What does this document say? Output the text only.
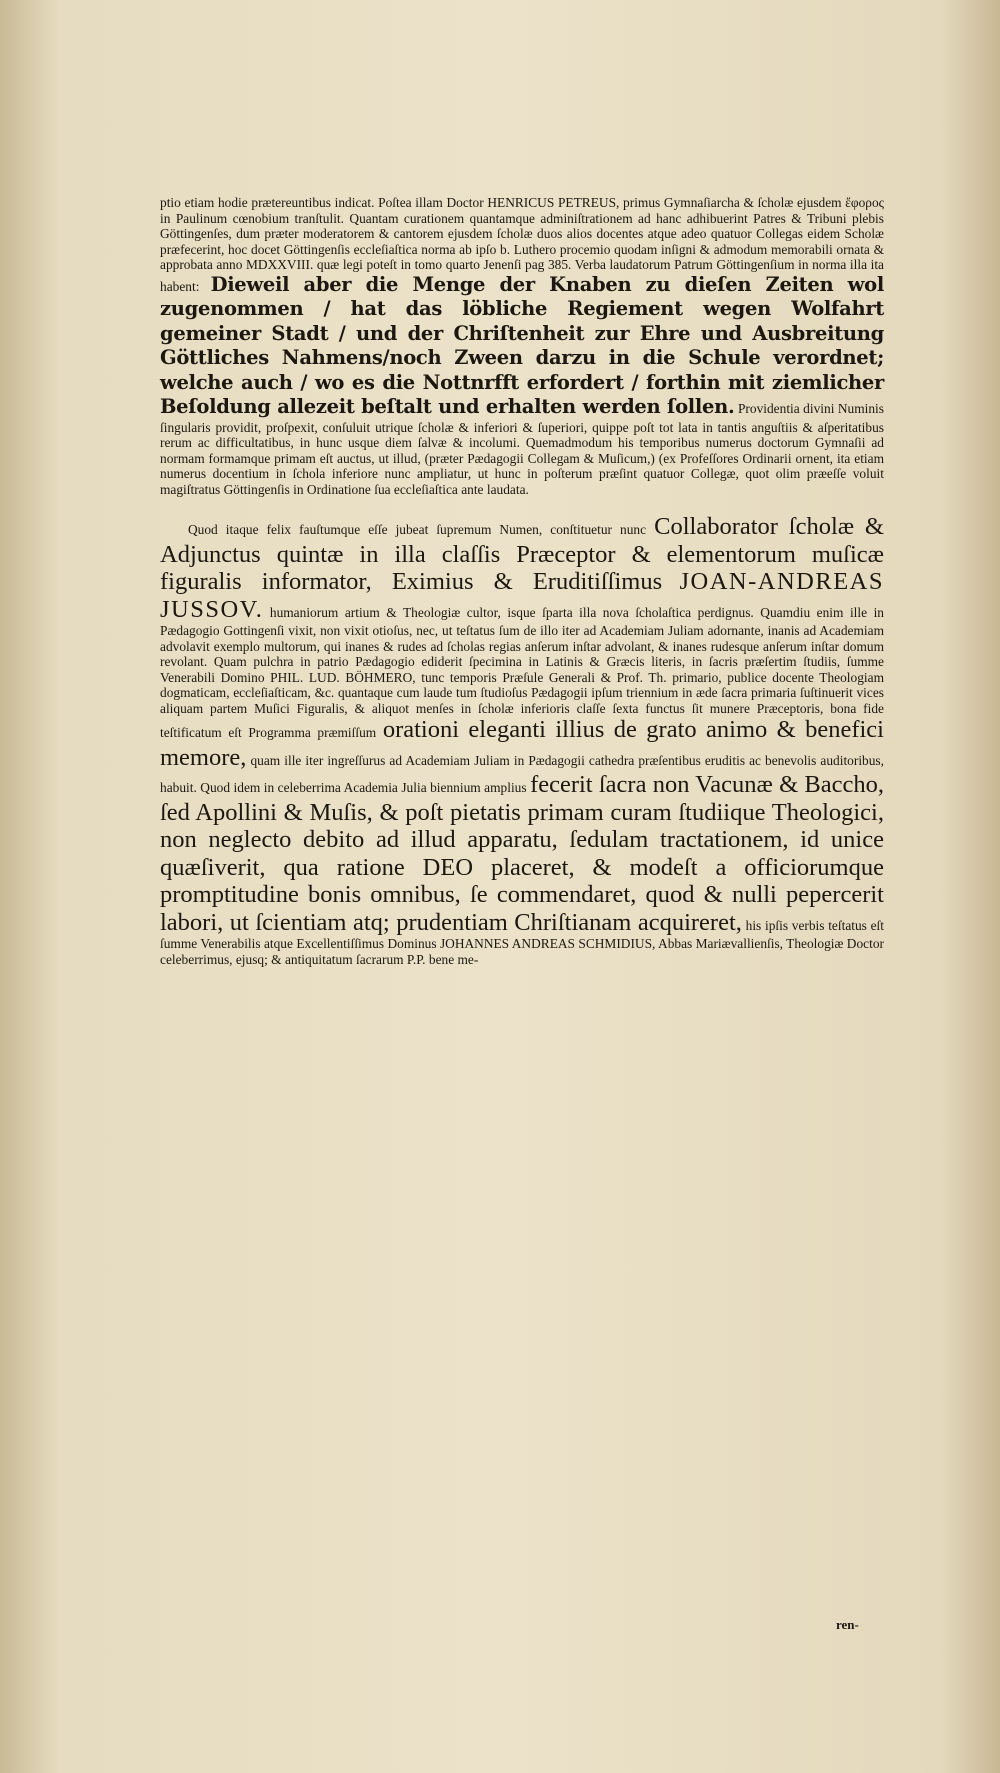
ptio etiam hodie prætereuntibus indicat. Poſtea illam Doctor HENRICUS PETREUS, primus Gymnaſiarcha & ſcholæ ejusdem ἔφορος in Paulinum cœnobium tranſtulit. Quantam curationem quantamque adminiſtrationem ad hanc adhibuerint Patres & Tribuni plebis Göttingenſes, dum præter moderatorem & cantorem ejusdem ſcholæ duos alios docentes atque adeo quatuor Collegas eidem Scholæ præfecerint, hoc docet Göttingenſis eccleſiaſtica norma ab ipſo b. Luthero procemio quodam inſigni & admodum memorabili ornata & approbata anno MDXXVIII. quæ legi poteſt in tomo quarto Jenenſi pag 385. Verba laudatorum Patrum Göttingenſium in norma illa ita habent: Dieweil aber die Menge der Knaben zu dieſen Zeiten wol zugenommen / hat das löbliche Regiement wegen Wolfahrt gemeiner Stadt / und der Chriſtenheit zur Ehre und Ausbreitung Göttliches Nahmens/noch Zween darzu in die Schule verordnet; welche auch / wo es die Nottnrfft erfordert / forthin mit ziemlicher Beſoldung allezeit beſtalt und erhalten werden ſollen. Providentia divini Numinis ſingularis providit, proſpexit, conſuluit utrique ſcholæ & inferiori & ſuperiori, quippe poſt tot lata in tantis anguſtiis & aſperitatibus rerum ac difficultatibus, in hunc usque diem ſalvæ & incolumi. Quemadmodum his temporibus numerus doctorum Gymnaſii ad normam formamque primam eſt auctus, ut illud, (præter Pædagogii Collegam & Muſicum,) (ex Profeſſores Ordinarii ornent, ita etiam numerus docentium in ſchola inferiore nunc ampliatur, ut hunc in poſterum præſint quatuor Collegæ, quot olim præeſſe voluit magiſtratus Göttingenſis in Ordinatione ſua eccleſiaſtica ante laudata.

Quod itaque felix fauſtumque eſſe jubeat ſupremum Numen, conſtituetur nunc Collaborator ſcholæ & Adjunctus quintæ in illa claſſis Præceptor & elementorum muſicæ figuralis informator, Eximius & Eruditiſſimus JOAN-ANDREAS JUSSOV. humaniorum artium & Theologiæ cultor, isque ſparta illa nova ſcholaſtica perdignus. Quamdiu enim ille in Pædagogio Gottingenſi vixit, non vixit otioſus, nec, ut teſtatus ſum de illo iter ad Academiam Juliam adornante, inanis ad Academiam advolavit exemplo multorum, qui inanes & rudes ad ſcholas regias anſerum inſtar advolant, & inanes rudesque anſerum inſtar domum revolant. Quam pulchra in patrio Pædagogio ediderit ſpecimina in Latinis & Græcis literis, in ſacris præſertim ſtudiis, ſumme Venerabili Domino PHIL. LUD. BÖHMERO, tunc temporis Præſule Generali & Prof. Th. primario, publice docente Theologiam dogmaticam, eccleſiaſticam, &c. quantaque cum laude tum ſtudioſus Pædagogii ipſum triennium in æde ſacra primaria ſuſtinuerit vices aliquam partem Muſici Figuralis, & aliquot menſes in ſcholæ inferioris claſſe ſexta functus ſit munere Præceptoris, bona fide teſtificatum eſt Programma præmiſſum orationi eleganti illius de grato animo & benefici memore, quam ille iter ingreſſurus ad Academiam Juliam in Pædagogii cathedra præſentibus eruditis ac benevolis auditoribus, habuit. Quod idem in celeberrima Academia Julia biennium amplius fecerit ſacra non Vacunæ & Baccho, ſed Apollini & Muſis, & poſt pietatis primam curam ſtudiique Theologici, non neglecto debito ad illud apparatu, ſedulam tractationem, id unice quæſiverit, qua ratione DEO placeret, & modeſt a officiorumque promptitudine bonis omnibus, ſe commendaret, quod & nulli pepercerit labori, ut ſcientiam atq; prudentiam Chriſtianam acquireret, his ipſis verbis teſtatus eſt ſumme Venerabilis atque Excellentiſſimus Dominus JOHANNES ANDREAS SCHMIDIUS, Abbas Mariævallienſis, Theologiæ Doctor celeberrimus, ejusq; & antiquitatum ſacrarum P.P. bene me-

ren-
